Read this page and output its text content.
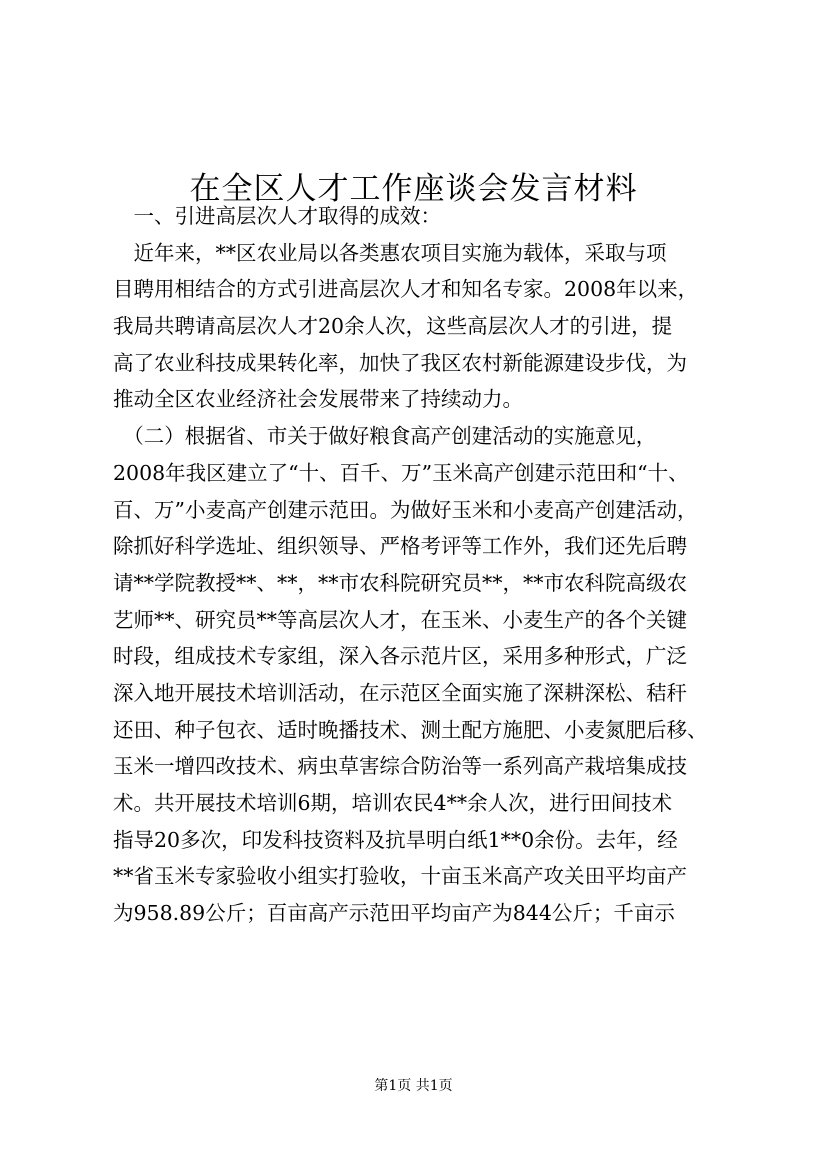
在全区人才工作座谈会发言材料
　一、引进高层次人才取得的成效：
　近年来，**区农业局以各类惠农项目实施为载体，采取与项
目聘用相结合的方式引进高层次人才和知名专家。2008年以来，
我局共聘请高层次人才20余人次，这些高层次人才的引进，提
高了农业科技成果转化率，加快了我区农村新能源建设步伐，为
推动全区农业经济社会发展带来了持续动力。
　（二）根据省、市关于做好粮食高产创建活动的实施意见，
2008年我区建立了“十、百千、万”玉米高产创建示范田和“十、
百、万”小麦高产创建示范田。为做好玉米和小麦高产创建活动，
除抓好科学选址、组织领导、严格考评等工作外，我们还先后聘
请**学院教授**、**，**市农科院研究员**，**市农科院高级农
艺师**、研究员**等高层次人才，在玉米、小麦生产的各个关键
时段，组成技术专家组，深入各示范片区，采用多种形式，广泛
深入地开展技术培训活动，在示范区全面实施了深耕深松、秸秆
还田、种子包衣、适时晚播技术、测土配方施肥、小麦氮肥后移、
玉米一增四改技术、病虫草害综合防治等一系列高产栽培集成技
术。共开展技术培训6期，培训农民4**余人次，进行田间技术
指导20多次，印发科技资料及抗旱明白纸1**0余份。去年，经
**省玉米专家验收小组实打验收，十亩玉米高产攻关田平均亩产
为958.89公斤；百亩高产示范田平均亩产为844公斤；千亩示
第1页 共1页
